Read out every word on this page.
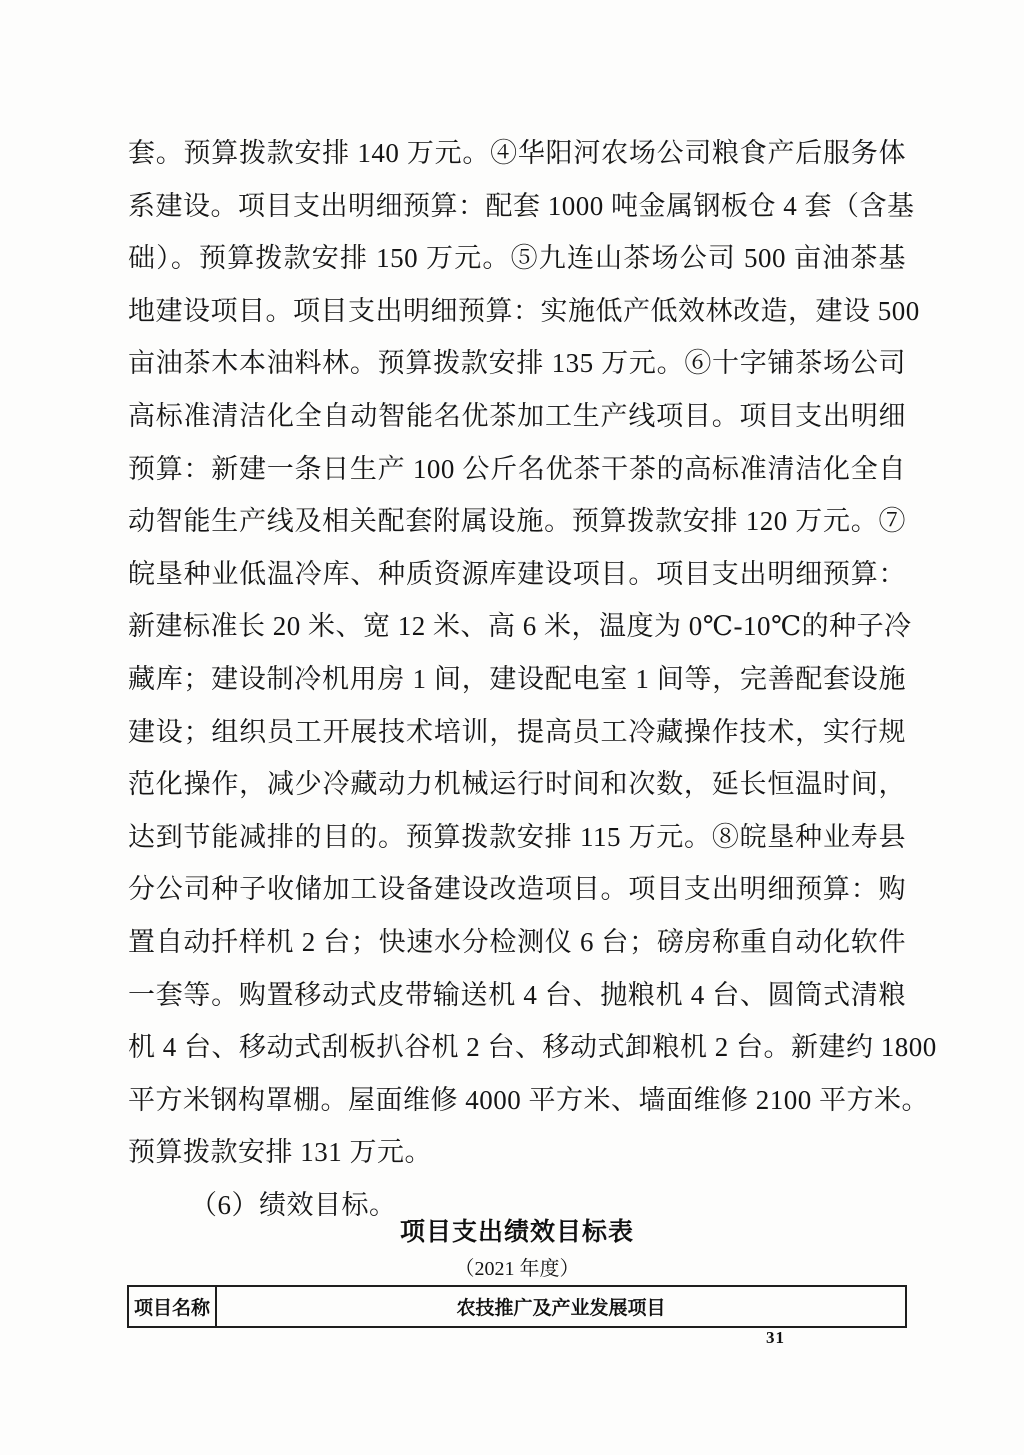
套。预算拨款安排 140 万元。④华阳河农场公司粮食产后服务体
系建设。项目支出明细预算：配套 1000 吨金属钢板仓 4 套（含基
础）。预算拨款安排 150 万元。⑤九连山茶场公司 500 亩油茶基
地建设项目。项目支出明细预算：实施低产低效林改造，建设 500
亩油茶木本油料林。预算拨款安排 135 万元。⑥十字铺茶场公司
高标准清洁化全自动智能名优茶加工生产线项目。项目支出明细
预算：新建一条日生产 100 公斤名优茶干茶的高标准清洁化全自
动智能生产线及相关配套附属设施。预算拨款安排 120 万元。⑦
皖垦种业低温冷库、种质资源库建设项目。项目支出明细预算：
新建标准长 20 米、宽 12 米、高 6 米，温度为 0℃-10℃的种子冷
藏库；建设制冷机用房 1 间，建设配电室 1 间等，完善配套设施
建设；组织员工开展技术培训，提高员工冷藏操作技术，实行规
范化操作，减少冷藏动力机械运行时间和次数，延长恒温时间，
达到节能减排的目的。预算拨款安排 115 万元。⑧皖垦种业寿县
分公司种子收储加工设备建设改造项目。项目支出明细预算：购
置自动扦样机 2 台；快速水分检测仪 6 台；磅房称重自动化软件
一套等。购置移动式皮带输送机 4 台、抛粮机 4 台、圆筒式清粮
机 4 台、移动式刮板扒谷机 2 台、移动式卸粮机 2 台。新建约 1800
平方米钢构罩棚。屋面维修 4000 平方米、墙面维修 2100 平方米。
预算拨款安排 131 万元。
（6）绩效目标。
项目支出绩效目标表
（2021 年度）
项目名称	农技推广及产业发展项目
31
